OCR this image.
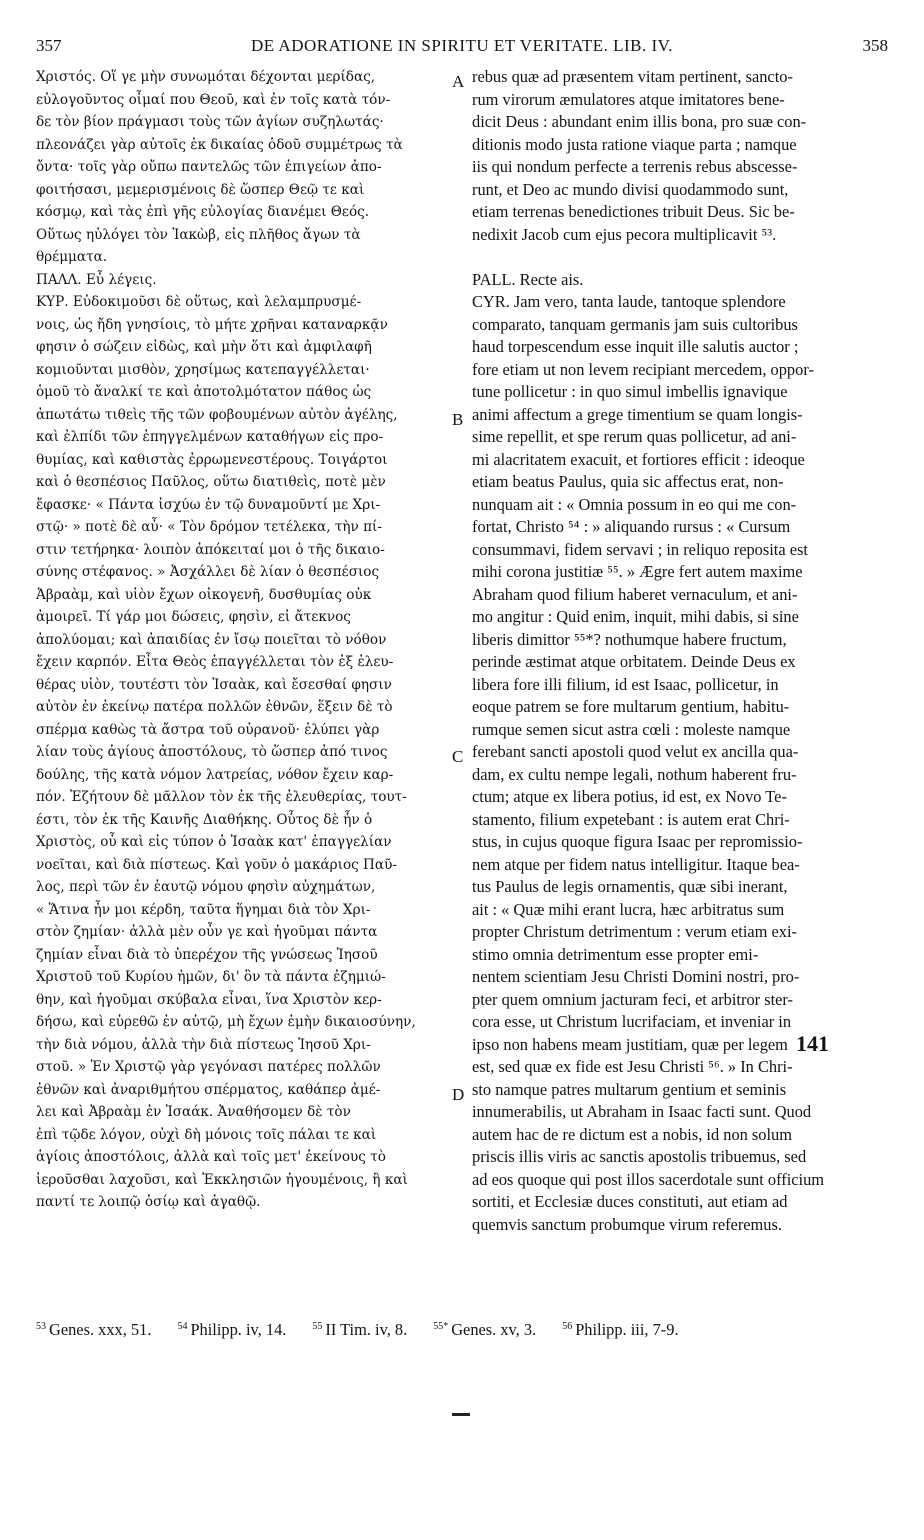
357	DE ADORATIONE IN SPIRITU ET VERITATE. LIB. IV.	358
Χριστός. Οἵ γε μὴν συνωμόται δέχονται μερίδας,
εὐλογοῦντος οἶμαί που Θεοῦ, καὶ ἐν τοῖς κατὰ τόν-
δε τὸν βίον πράγμασι τοὺς τῶν ἁγίων συζηλωτάς·
πλεονάζει γὰρ αὐτοῖς ἐκ δικαίας ὁδοῦ συμμέτρως τὰ
ὄντα· τοῖς γὰρ οὔπω παντελῶς τῶν ἐπιγείων ἀπο-
φοιτήσασι, μεμερισμένοις δὲ ὥσπερ Θεῷ τε καὶ
κόσμῳ, καὶ τὰς ἐπὶ γῆς εὐλογίας διανέμει Θεός.
Οὕτως ηὐλόγει τὸν Ἰακὼβ, εἰς πλῆθος ἄγων τὰ
θρέμματα.
ΠΑΛΛ. Εὖ λέγεις.
ΚΥΡ. Εὐδοκιμοῦσι δὲ οὕτως, καὶ λελαμπρυσμέ-
νοις, ὡς ἤδη γνησίοις, τὸ μήτε χρῆναι καταναρκᾷν
φησιν ὁ σώζειν εἰδὼς, καὶ μὴν ὅτι καὶ ἀμφιλαφῆ
κομιοῦνται μισθὸν, χρησίμως κατεπαγγέλλεται·
ὁμοῦ τὸ ἄναλκί τε καὶ ἀποτολμότατον πάθος ὡς
ἀπωτάτω τιθεὶς τῆς τῶν φοβουμένων αὐτὸν ἀγέλης,
καὶ ἐλπίδι τῶν ἐπηγγελμένων καταθήγων εἰς προ-
θυμίας, καὶ καθιστὰς ἐρρωμενεστέρους. Τοιγάρτοι
καὶ ὁ θεσπέσιος Παῦλος, οὕτω διατιθεὶς, ποτὲ μὲν
ἔφασκε· « Πάντα ἰσχύω ἐν τῷ δυναμοῦντί με Χρι-
στῷ· » ποτὲ δὲ αὖ· « Τὸν δρόμον τετέλεκα, τὴν πί-
στιν τετήρηκα· λοιπὸν ἀπόκειταί μοι ὁ τῆς δικαιο-
σύνης στέφανος. » Ἀσχάλλει δὲ λίαν ὁ θεσπέσιος
Ἀβραὰμ, καὶ υἱὸν ἔχων οἰκογενῆ, δυσθυμίας οὐκ
ἀμοιρεῖ. Τί γάρ μοι δώσεις, φησὶν, εἰ ἄτεκνος
ἀπολύομαι; καὶ ἀπαιδίας ἐν ἴσῳ ποιεῖται τὸ νόθον
ἔχειν καρπόν. Εἶτα Θεὸς ἐπαγγέλλεται τὸν ἐξ ἐλευ-
θέρας υἱὸν, τουτέστι τὸν Ἰσαὰκ, καὶ ἔσεσθαί φησιν
αὐτὸν ἐν ἐκείνῳ πατέρα πολλῶν ἐθνῶν, ἕξειν δὲ τὸ
σπέρμα καθὼς τὰ ἄστρα τοῦ οὐρανοῦ· ἐλύπει γὰρ
λίαν τοὺς ἁγίους ἀποστόλους, τὸ ὥσπερ ἀπό τινος
δούλης, τῆς κατὰ νόμον λατρείας, νόθον ἔχειν καρ-
πόν. Ἐζήτουν δὲ μᾶλλον τὸν ἐκ τῆς ἐλευθερίας, τουτ-
έστι, τὸν ἐκ τῆς Καινῆς Διαθήκης. Οὗτος δὲ ἦν ὁ
Χριστὸς, οὗ καὶ εἰς τύπον ὁ Ἰσαὰκ κατ' ἐπαγγελίαν
νοεῖται, καὶ διὰ πίστεως. Καὶ γοῦν ὁ μακάριος Παῦ-
λος, περὶ τῶν ἐν ἑαυτῷ νόμου φησὶν αὐχημάτων,
« Ἅτινα ἦν μοι κέρδη, ταῦτα ἥγημαι διὰ τὸν Χρι-
στὸν ζημίαν· ἀλλὰ μὲν οὖν γε καὶ ἡγοῦμαι πάντα
ζημίαν εἶναι διὰ τὸ ὑπερέχον τῆς γνώσεως Ἰησοῦ
Χριστοῦ τοῦ Κυρίου ἡμῶν, δι' ὃν τὰ πάντα ἐζημιώ-
θην, καὶ ἡγοῦμαι σκύβαλα εἶναι, ἵνα Χριστὸν κερ-
δήσω, καὶ εὑρεθῶ ἐν αὐτῷ, μὴ ἔχων ἐμὴν δικαιοσύνην,
τὴν διὰ νόμου, ἀλλὰ τὴν διὰ πίστεως Ἰησοῦ Χρι-
στοῦ. » Ἐν Χριστῷ γὰρ γεγόνασι πατέρες πολλῶν
ἐθνῶν καὶ ἀναριθμήτου σπέρματος, καθάπερ ἀμέ-
λει καὶ Ἀβραὰμ ἐν Ἰσαάκ. Ἀναθήσομεν δὲ τὸν
ἐπὶ τῷδε λόγον, οὐχὶ δὴ μόνοις τοῖς πάλαι τε καὶ
ἁγίοις ἀποστόλοις, ἀλλὰ καὶ τοῖς μετ' ἐκείνους τὸ
ἱεροῦσθαι λαχοῦσι, καὶ Ἐκκλησιῶν ἡγουμένοις, ἢ καὶ
παντί τε λοιπῷ ὁσίῳ καὶ ἀγαθῷ.
A
B
C
D
rebus quæ ad præsentem vitam pertinent, sancto-
rum virorum æmulatores atque imitatores bene-
dicit Deus : abundant enim illis bona, pro suæ con-
ditionis modo justa ratione viaque parta ; namque
iis qui nondum perfecte a terrenis rebus abscesse-
runt, et Deo ac mundo divisi quodammodo sunt,
etiam terrenas benedictiones tribuit Deus. Sic be-
nedixit Jacob cum ejus pecora multiplicavit ⁵³.
PALL. Recte ais.
CYR. Jam vero, tanta laude, tantoque splendore
comparato, tanquam germanis jam suis cultoribus
haud torpescendum esse inquit ille salutis auctor ;
fore etiam ut non levem recipiant mercedem, oppor-
tune pollicetur : in quo simul imbellis ignavique
animi affectum a grege timentium se quam longis-
sime repellit, et spe rerum quas pollicetur, ad ani-
mi alacritatem exacuit, et fortiores efficit : ideoque
etiam beatus Paulus, quia sic affectus erat, non-
nunquam ait : « Omnia possum in eo qui me con-
fortat, Christo ⁵⁴ : » aliquando rursus : « Cursum
consummavi, fidem servavi ; in reliquo reposita est
mihi corona justitiæ ⁵⁵. » Ægre fert autem maxime
Abraham quod filium haberet vernaculum, et ani-
mo angitur : Quid enim, inquit, mihi dabis, si sine
liberis dimittor ⁵⁵*? nothumque habere fructum,
perinde æstimat atque orbitatem. Deinde Deus ex
libera fore illi filium, id est Isaac, pollicetur, in
eoque patrem se fore multarum gentium, habitu-
rumque semen sicut astra cœli : moleste namque
ferebant sancti apostoli quod velut ex ancilla qua-
dam, ex cultu nempe legali, nothum haberent fru-
ctum; atque ex libera potius, id est, ex Novo Te-
stamento, filium expetebant : is autem erat Chri-
stus, in cujus quoque figura Isaac per repromissio-
nem atque per fidem natus intelligitur. Itaque bea-
tus Paulus de legis ornamentis, quæ sibi inerant,
ait : « Quæ mihi erant lucra, hæc arbitratus sum
propter Christum detrimentum : verum etiam exi-
stimo omnia detrimentum esse propter emi-
nentem scientiam Jesu Christi Domini nostri, pro-
pter quem omnium jacturam feci, et arbitror ster-
cora esse, ut Christum lucrifaciam, et inveniar in
ipso non habens meam justitiam, quæ per legem
est, sed quæ ex fide est Jesu Christi ⁵⁶. » In Chri-
sto namque patres multarum gentium et seminis
innumerabilis, ut Abraham in Isaac facti sunt. Quod
autem hac de re dictum est a nobis, id non solum
priscis illis viris ac sanctis apostolis tribuemus, sed
ad eos quoque qui post illos sacerdotale sunt officium
sortiti, et Ecclesiæ duces constituti, aut etiam ad
quemvis sanctum probumque virum referemus.
141
$^{53}$ Genes. xxx, 51.	$^{54}$ Philipp. iv, 14.	$^{55}$ II Tim. iv, 8.	$^{55*}$ Genes. xv, 3.	$^{56}$ Philipp. iii, 7-9.
